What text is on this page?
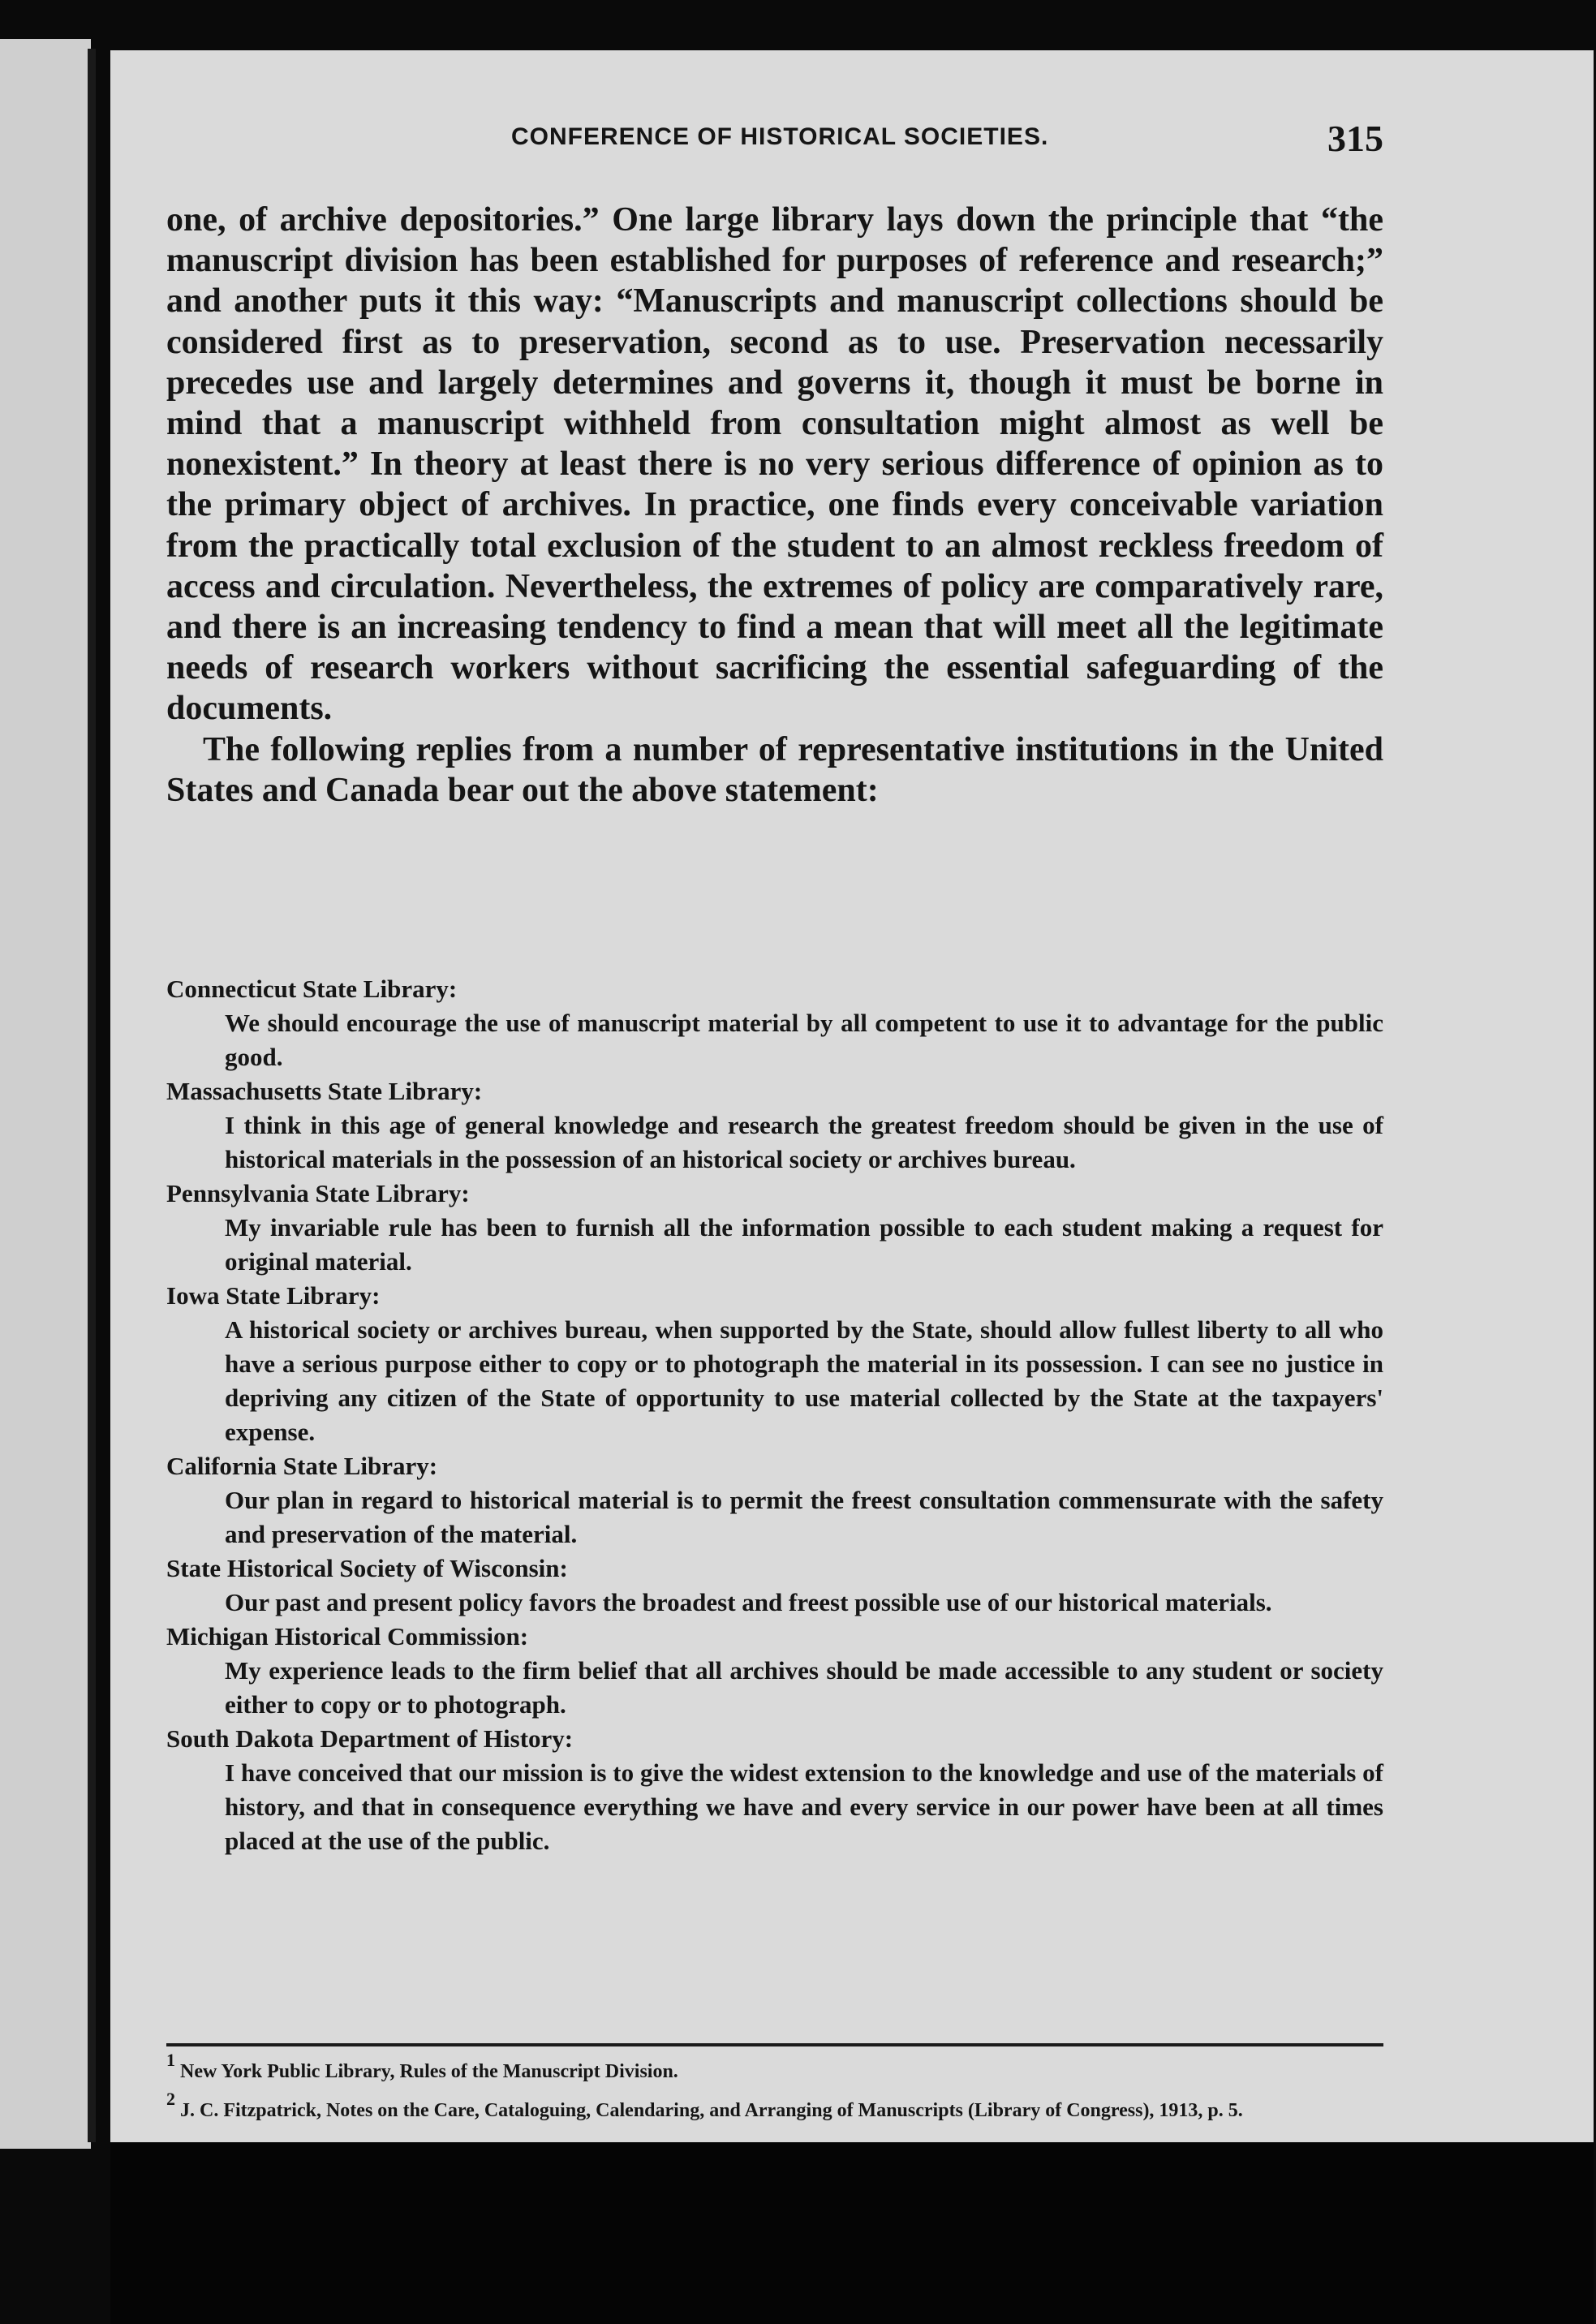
CONFERENCE OF HISTORICAL SOCIETIES.	315

one, of archive depositories.” One large library lays down the principle that “the manuscript division has been established for purposes of reference and research;” and another puts it this way: “Manuscripts and manuscript collections should be considered first as to preservation, second as to use. Preservation necessarily precedes use and largely determines and governs it, though it must be borne in mind that a manuscript withheld from consultation might almost as well be nonexistent.” In theory at least there is no very serious difference of opinion as to the primary object of archives. In practice, one finds every conceivable variation from the practically total exclusion of the student to an almost reckless freedom of access and circulation. Nevertheless, the extremes of policy are comparatively rare, and there is an increasing tendency to find a mean that will meet all the legitimate needs of research workers without sacrificing the essential safeguarding of the documents.

The following replies from a number of representative institutions in the United States and Canada bear out the above statement:

Connecticut State Library:
We should encourage the use of manuscript material by all competent to use it to advantage for the public good.
Massachusetts State Library:
I think in this age of general knowledge and research the greatest freedom should be given in the use of historical materials in the possession of an historical society or archives bureau.
Pennsylvania State Library:
My invariable rule has been to furnish all the information possible to each student making a request for original material.
Iowa State Library:
A historical society or archives bureau, when supported by the State, should allow fullest liberty to all who have a serious purpose either to copy or to photograph the material in its possession. I can see no justice in depriving any citizen of the State of opportunity to use material collected by the State at the taxpayers' expense.
California State Library:
Our plan in regard to historical material is to permit the freest consultation commensurate with the safety and preservation of the material.
State Historical Society of Wisconsin:
Our past and present policy favors the broadest and freest possible use of our historical materials.
Michigan Historical Commission:
My experience leads to the firm belief that all archives should be made accessible to any student or society either to copy or to photograph.
South Dakota Department of History:
I have conceived that our mission is to give the widest extension to the knowledge and use of the materials of history, and that in consequence everything we have and every service in our power have been at all times placed at the use of the public.

$^1$ New York Public Library, Rules of the Manuscript Division.

$^2$ J. C. Fitzpatrick, Notes on the Care, Cataloguing, Calendaring, and Arranging of Manuscripts (Library of Congress), 1913, p. 5.
